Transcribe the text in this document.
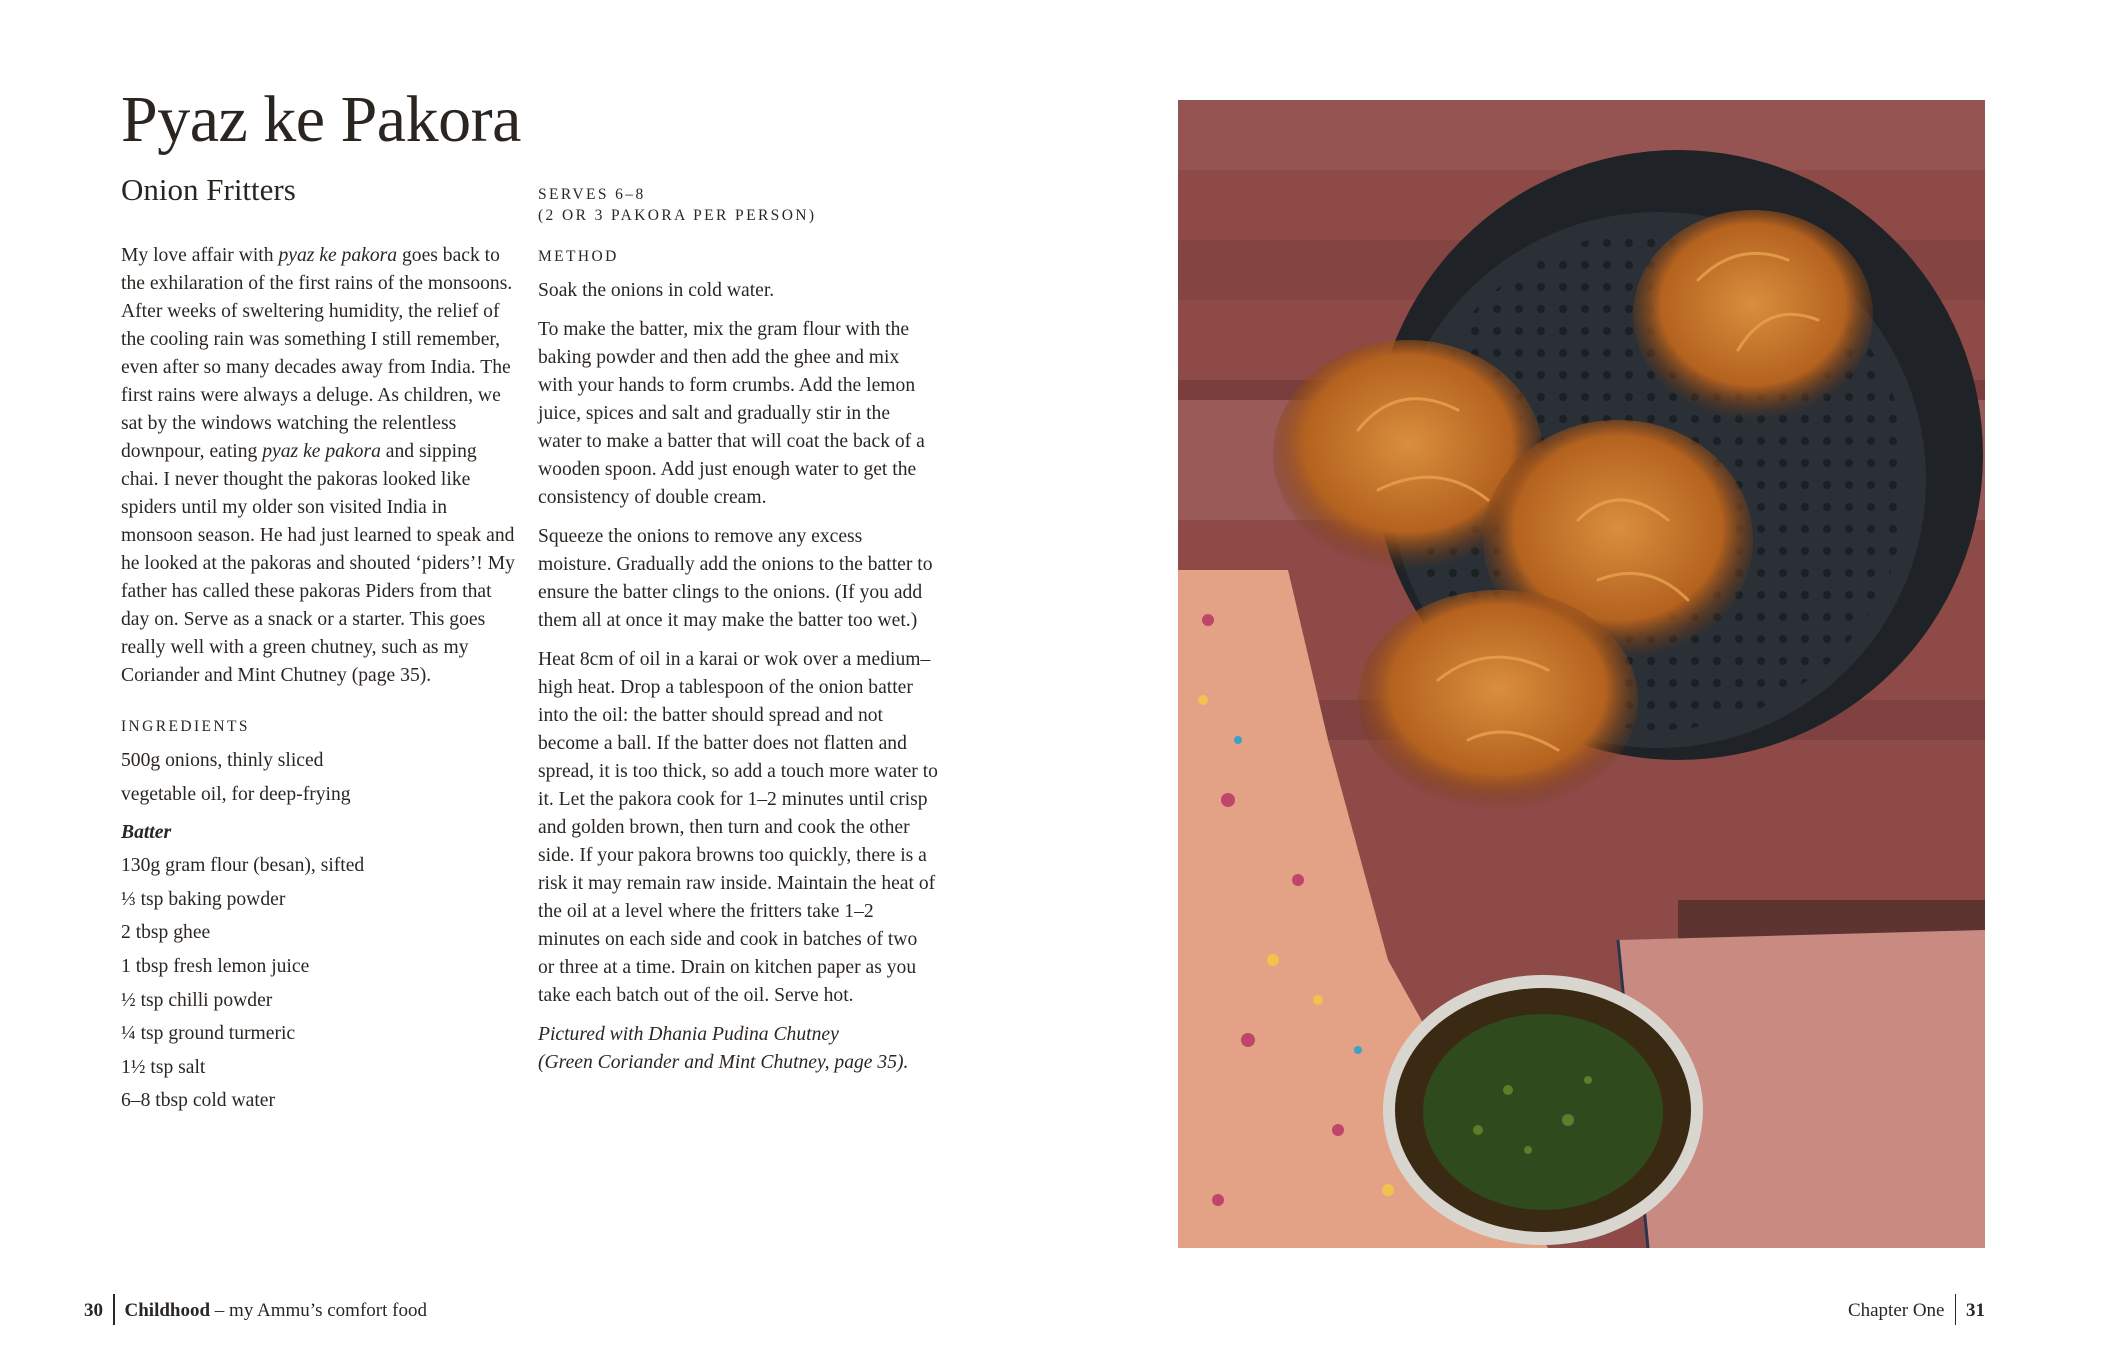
Pyaz ke Pakora
Onion Fritters

My love affair with pyaz ke pakora goes back to the exhilaration of the first rains of the monsoons. After weeks of sweltering humidity, the relief of the cooling rain was something I still remember, even after so many decades away from India. The first rains were always a deluge. As children, we sat by the windows watching the relentless downpour, eating pyaz ke pakora and sipping chai. I never thought the pakoras looked like spiders until my older son visited India in monsoon season. He had just learned to speak and he looked at the pakoras and shouted ‘piders’! My father has called these pakoras Piders from that day on. Serve as a snack or a starter. This goes really well with a green chutney, such as my Coriander and Mint Chutney (page 35).

INGREDIENTS
500g onions, thinly sliced
vegetable oil, for deep-frying
Batter
130g gram flour (besan), sifted
⅓ tsp baking powder
2 tbsp ghee
1 tbsp fresh lemon juice
½ tsp chilli powder
¼ tsp ground turmeric
1½ tsp salt
6–8 tbsp cold water
SERVES 6–8
(2 OR 3 PAKORA PER PERSON)
METHOD

Soak the onions in cold water.

To make the batter, mix the gram flour with the baking powder and then add the ghee and mix with your hands to form crumbs. Add the lemon juice, spices and salt and gradually stir in the water to make a batter that will coat the back of a wooden spoon. Add just enough water to get the consistency of double cream.

Squeeze the onions to remove any excess moisture. Gradually add the onions to the batter to ensure the batter clings to the onions. (If you add them all at once it may make the batter too wet.)

Heat 8cm of oil in a karai or wok over a medium–high heat. Drop a tablespoon of the onion batter into the oil: the batter should spread and not become a ball. If the batter does not flatten and spread, it is too thick, so add a touch more water to it. Let the pakora cook for 1–2 minutes until crisp and golden brown, then turn and cook the other side. If your pakora browns too quickly, there is a risk it may remain raw inside. Maintain the heat of the oil at a level where the fritters take 1–2 minutes on each side and cook in batches of two or three at a time. Drain on kitchen paper as you take each batch out of the oil. Serve hot.

Pictured with Dhania Pudina Chutney
(Green Coriander and Mint Chutney, page 35).

30 Childhood – my Ammu’s comfort food	Chapter One 31
